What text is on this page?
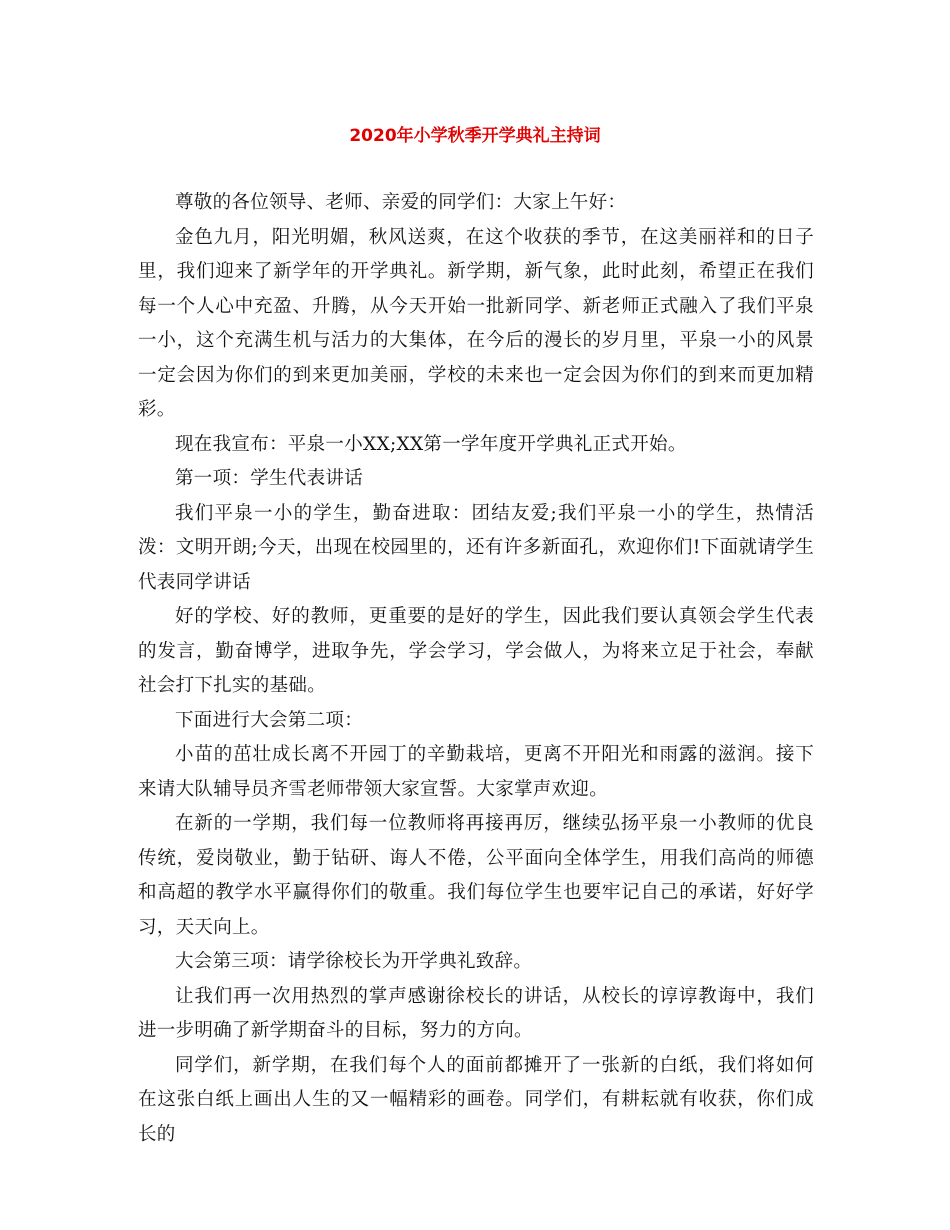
2020年小学秋季开学典礼主持词

尊敬的各位领导、老师、亲爱的同学们：大家上午好：

金色九月，阳光明媚，秋风送爽，在这个收获的季节，在这美丽祥和的日子里，我们迎来了新学年的开学典礼。新学期，新气象，此时此刻，希望正在我们每一个人心中充盈、升腾，从今天开始一批新同学、新老师正式融入了我们平泉一小，这个充满生机与活力的大集体，在今后的漫长的岁月里，平泉一小的风景一定会因为你们的到来更加美丽，学校的未来也一定会因为你们的到来而更加精彩。

现在我宣布：平泉一小XX;XX第一学年度开学典礼正式开始。

第一项：学生代表讲话

我们平泉一小的学生，勤奋进取：团结友爱;我们平泉一小的学生，热情活泼：文明开朗;今天，出现在校园里的，还有许多新面孔，欢迎你们!下面就请学生代表同学讲话

好的学校、好的教师，更重要的是好的学生，因此我们要认真领会学生代表的发言，勤奋博学，进取争先，学会学习，学会做人，为将来立足于社会，奉献社会打下扎实的基础。

下面进行大会第二项：

小苗的茁壮成长离不开园丁的辛勤栽培，更离不开阳光和雨露的滋润。接下来请大队辅导员齐雪老师带领大家宣誓。大家掌声欢迎。

在新的一学期，我们每一位教师将再接再厉，继续弘扬平泉一小教师的优良传统，爱岗敬业，勤于钻研、诲人不倦，公平面向全体学生，用我们高尚的师德和高超的教学水平赢得你们的敬重。我们每位学生也要牢记自己的承诺，好好学习，天天向上。

大会第三项：请学徐校长为开学典礼致辞。

让我们再一次用热烈的掌声感谢徐校长的讲话，从校长的谆谆教诲中，我们进一步明确了新学期奋斗的目标，努力的方向。

同学们，新学期，在我们每个人的面前都摊开了一张新的白纸，我们将如何在这张白纸上画出人生的又一幅精彩的画卷。同学们，有耕耘就有收获，你们成长的
